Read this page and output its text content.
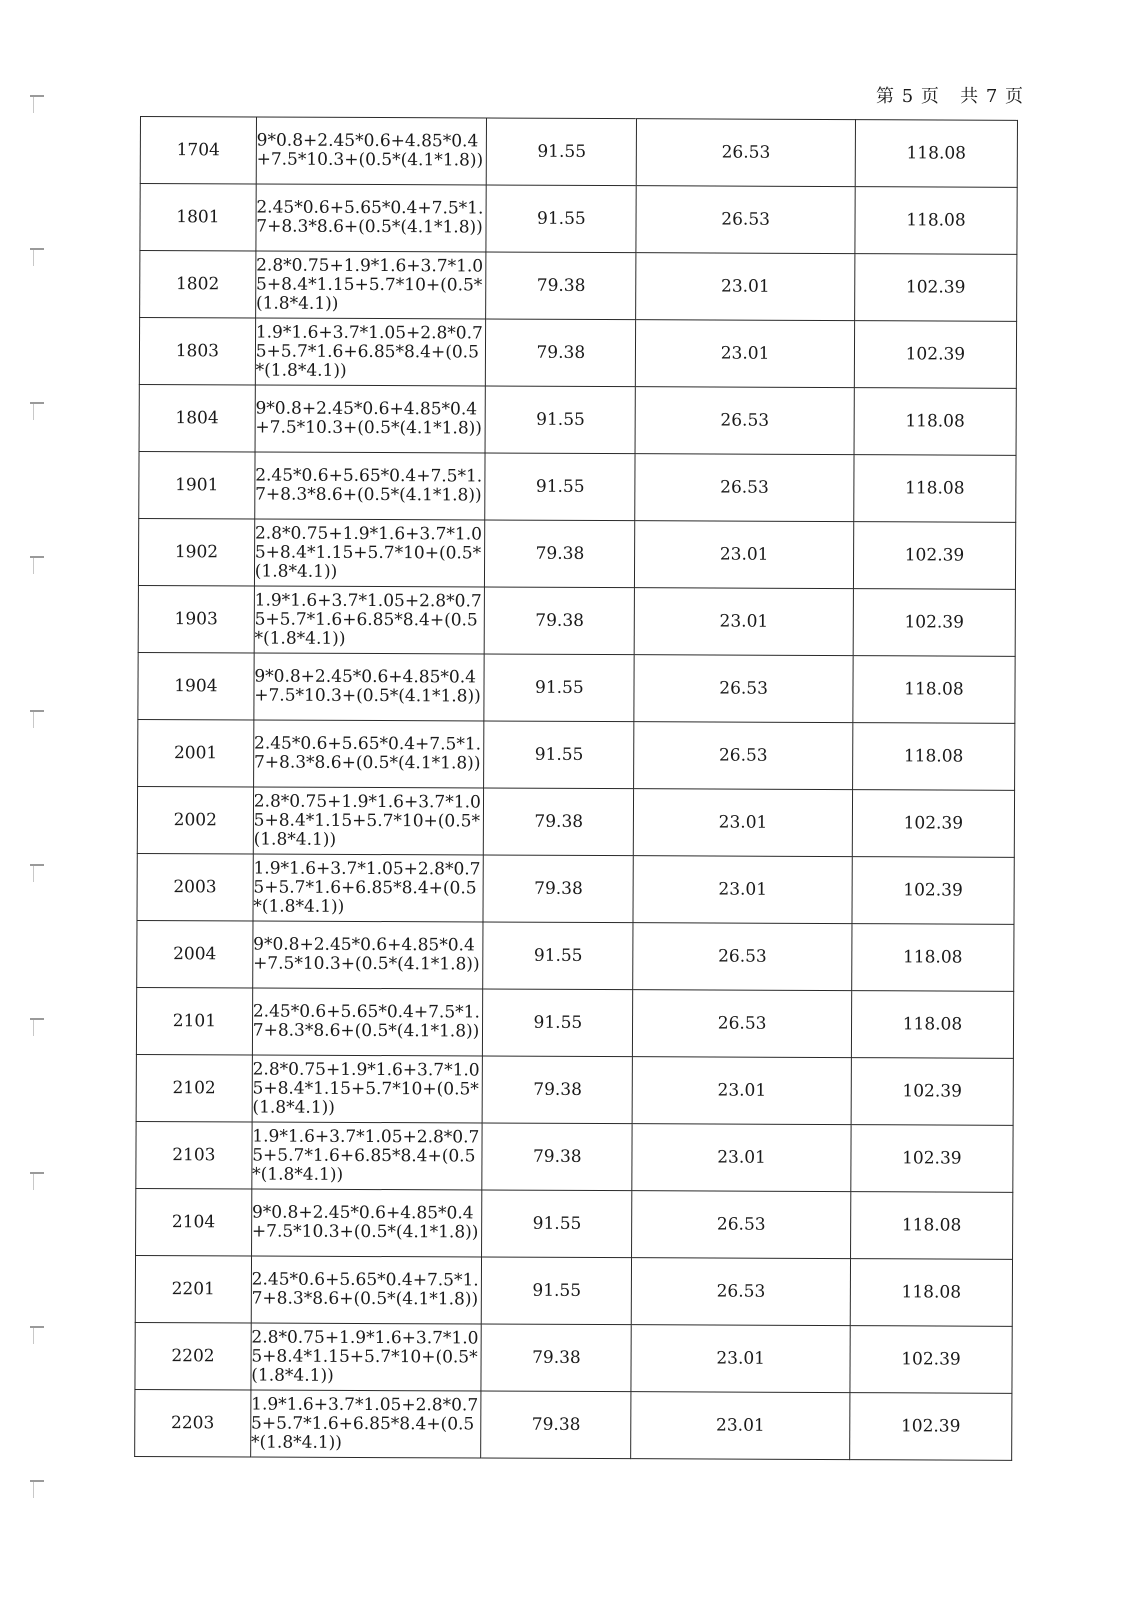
第 5 页   共 7 页
1704	9*0.8+2.45*0.6+4.85*0.4+7.5*10.3+(0.5*(4.1*1.8))	91.55	26.53	118.08
1801	2.45*0.6+5.65*0.4+7.5*1.7+8.3*8.6+(0.5*(4.1*1.8))	91.55	26.53	118.08
1802	2.8*0.75+1.9*1.6+3.7*1.05+8.4*1.15+5.7*10+(0.5*(1.8*4.1))	79.38	23.01	102.39
1803	1.9*1.6+3.7*1.05+2.8*0.75+5.7*1.6+6.85*8.4+(0.5*(1.8*4.1))	79.38	23.01	102.39
1804	9*0.8+2.45*0.6+4.85*0.4+7.5*10.3+(0.5*(4.1*1.8))	91.55	26.53	118.08
1901	2.45*0.6+5.65*0.4+7.5*1.7+8.3*8.6+(0.5*(4.1*1.8))	91.55	26.53	118.08
1902	2.8*0.75+1.9*1.6+3.7*1.05+8.4*1.15+5.7*10+(0.5*(1.8*4.1))	79.38	23.01	102.39
1903	1.9*1.6+3.7*1.05+2.8*0.75+5.7*1.6+6.85*8.4+(0.5*(1.8*4.1))	79.38	23.01	102.39
1904	9*0.8+2.45*0.6+4.85*0.4+7.5*10.3+(0.5*(4.1*1.8))	91.55	26.53	118.08
2001	2.45*0.6+5.65*0.4+7.5*1.7+8.3*8.6+(0.5*(4.1*1.8))	91.55	26.53	118.08
2002	2.8*0.75+1.9*1.6+3.7*1.05+8.4*1.15+5.7*10+(0.5*(1.8*4.1))	79.38	23.01	102.39
2003	1.9*1.6+3.7*1.05+2.8*0.75+5.7*1.6+6.85*8.4+(0.5*(1.8*4.1))	79.38	23.01	102.39
2004	9*0.8+2.45*0.6+4.85*0.4+7.5*10.3+(0.5*(4.1*1.8))	91.55	26.53	118.08
2101	2.45*0.6+5.65*0.4+7.5*1.7+8.3*8.6+(0.5*(4.1*1.8))	91.55	26.53	118.08
2102	2.8*0.75+1.9*1.6+3.7*1.05+8.4*1.15+5.7*10+(0.5*(1.8*4.1))	79.38	23.01	102.39
2103	1.9*1.6+3.7*1.05+2.8*0.75+5.7*1.6+6.85*8.4+(0.5*(1.8*4.1))	79.38	23.01	102.39
2104	9*0.8+2.45*0.6+4.85*0.4+7.5*10.3+(0.5*(4.1*1.8))	91.55	26.53	118.08
2201	2.45*0.6+5.65*0.4+7.5*1.7+8.3*8.6+(0.5*(4.1*1.8))	91.55	26.53	118.08
2202	2.8*0.75+1.9*1.6+3.7*1.05+8.4*1.15+5.7*10+(0.5*(1.8*4.1))	79.38	23.01	102.39
2203	1.9*1.6+3.7*1.05+2.8*0.75+5.7*1.6+6.85*8.4+(0.5*(1.8*4.1))	79.38	23.01	102.39
